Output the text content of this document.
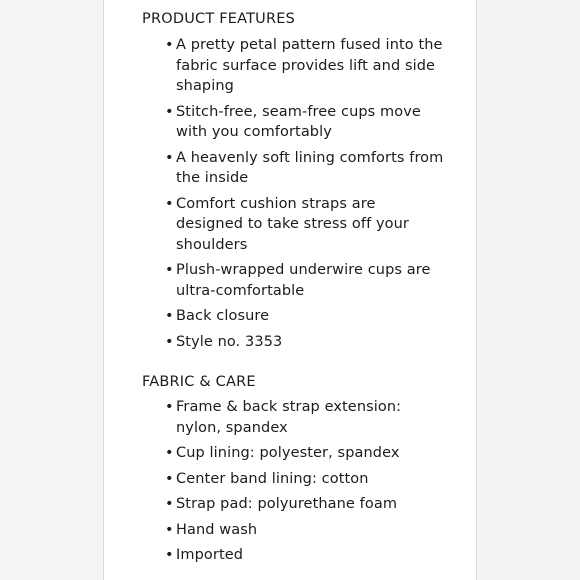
PRODUCT FEATURES
• A pretty petal pattern fused into the fabric surface provides lift and side shaping
• Stitch-free, seam-free cups move with you comfortably
• A heavenly soft lining comforts from the inside
• Comfort cushion straps are designed to take stress off your shoulders
• Plush-wrapped underwire cups are ultra-comfortable
• Back closure
• Style no. 3353
FABRIC & CARE
• Frame & back strap extension: nylon, spandex
• Cup lining: polyester, spandex
• Center band lining: cotton
• Strap pad: polyurethane foam
• Hand wash
• Imported
